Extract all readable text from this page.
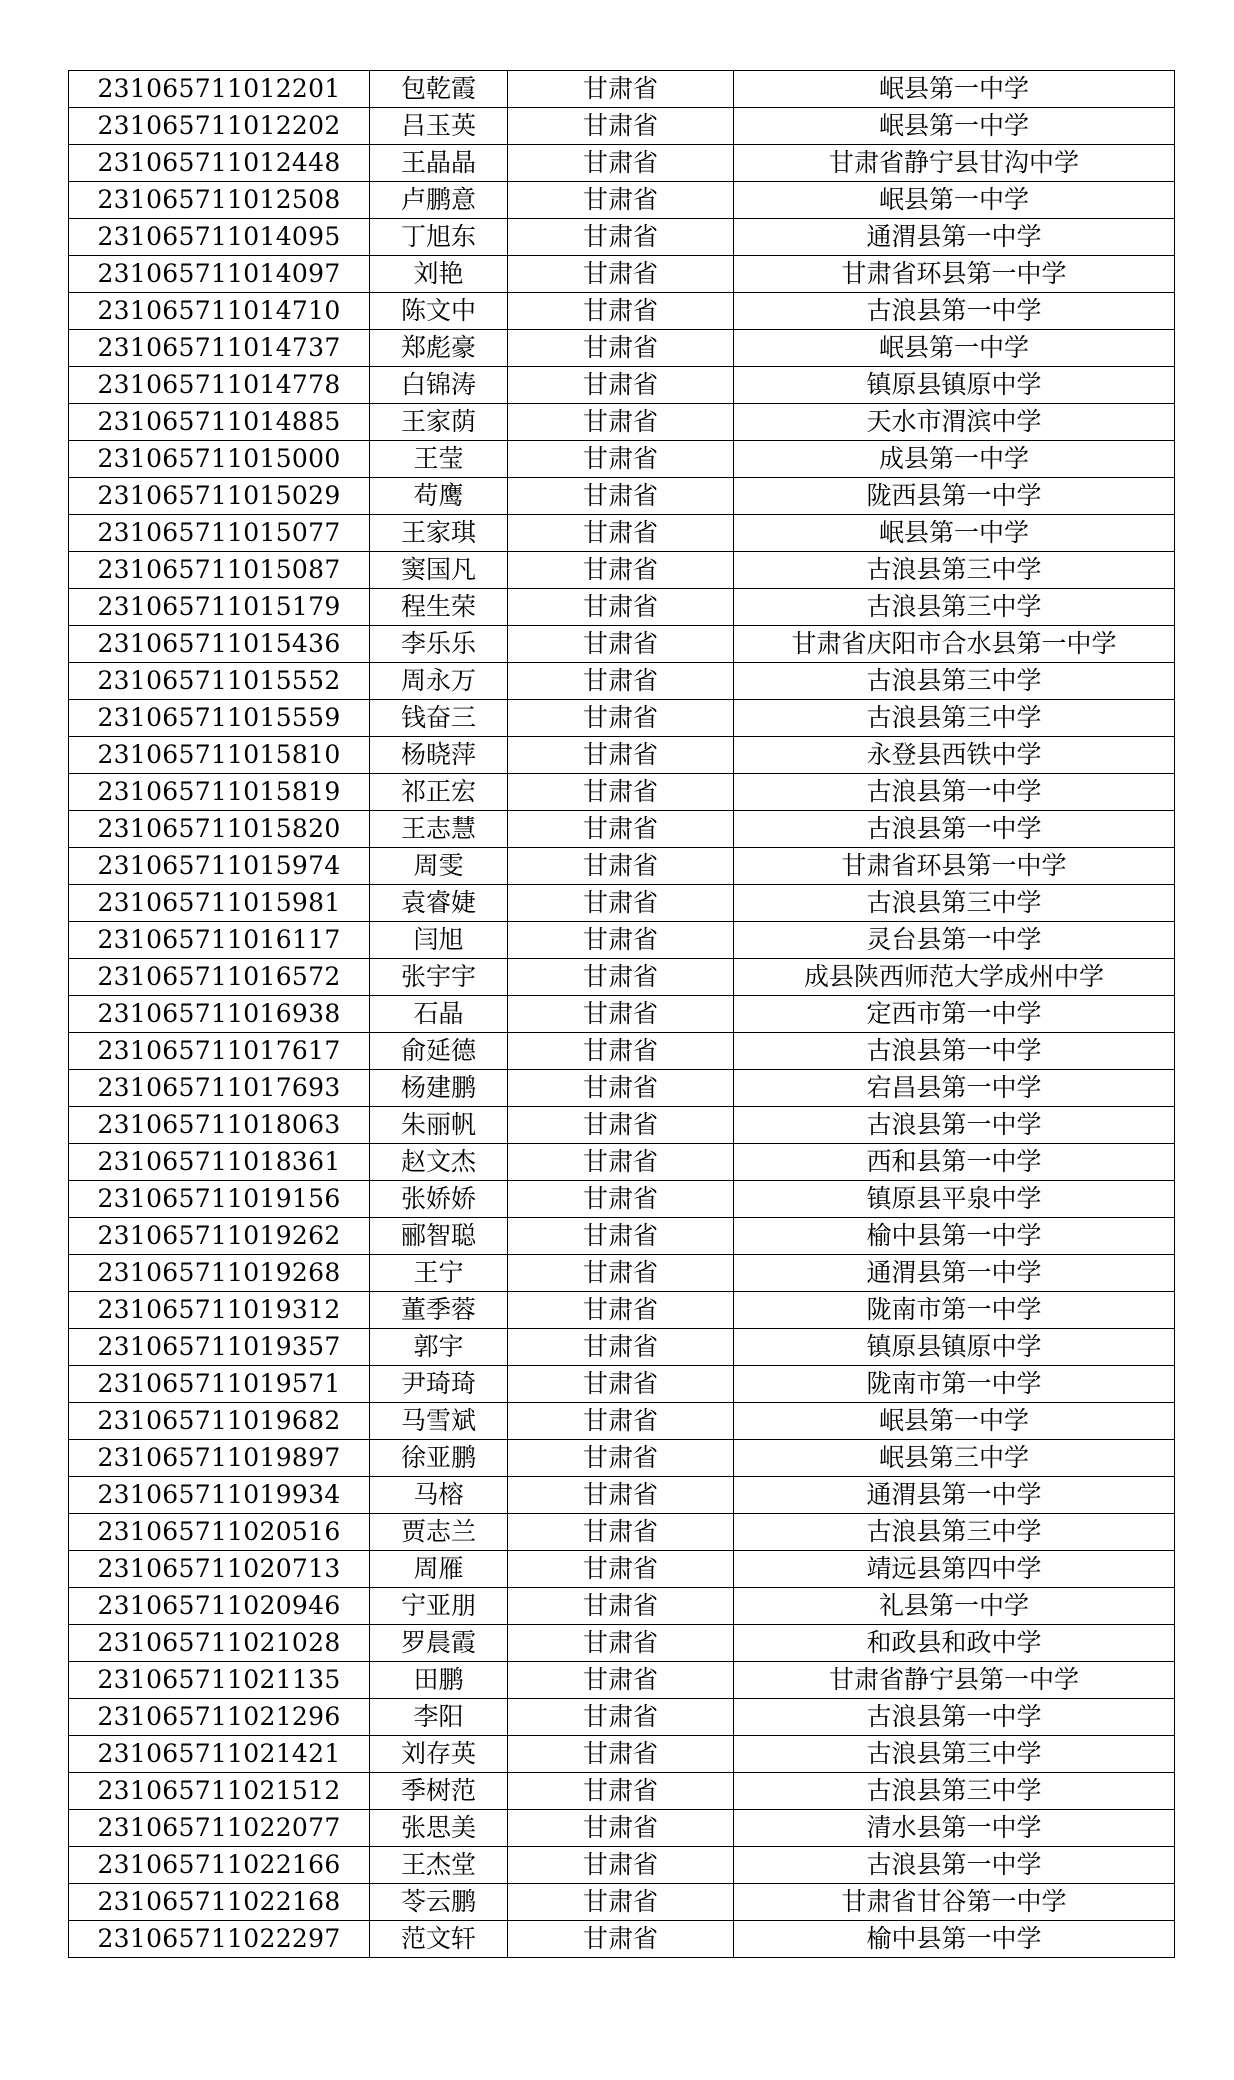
231065711012201	包乾霞	甘肃省	岷县第一中学
231065711012202	吕玉英	甘肃省	岷县第一中学
231065711012448	王晶晶	甘肃省	甘肃省静宁县甘沟中学
231065711012508	卢鹏意	甘肃省	岷县第一中学
231065711014095	丁旭东	甘肃省	通渭县第一中学
231065711014097	刘艳	甘肃省	甘肃省环县第一中学
231065711014710	陈文中	甘肃省	古浪县第一中学
231065711014737	郑彪豪	甘肃省	岷县第一中学
231065711014778	白锦涛	甘肃省	镇原县镇原中学
231065711014885	王家荫	甘肃省	天水市渭滨中学
231065711015000	王莹	甘肃省	成县第一中学
231065711015029	苟鹰	甘肃省	陇西县第一中学
231065711015077	王家琪	甘肃省	岷县第一中学
231065711015087	窦国凡	甘肃省	古浪县第三中学
231065711015179	程生荣	甘肃省	古浪县第三中学
231065711015436	李乐乐	甘肃省	甘肃省庆阳市合水县第一中学
231065711015552	周永万	甘肃省	古浪县第三中学
231065711015559	钱奋三	甘肃省	古浪县第三中学
231065711015810	杨晓萍	甘肃省	永登县西铁中学
231065711015819	祁正宏	甘肃省	古浪县第一中学
231065711015820	王志慧	甘肃省	古浪县第一中学
231065711015974	周雯	甘肃省	甘肃省环县第一中学
231065711015981	袁睿婕	甘肃省	古浪县第三中学
231065711016117	闫旭	甘肃省	灵台县第一中学
231065711016572	张宇宇	甘肃省	成县陕西师范大学成州中学
231065711016938	石晶	甘肃省	定西市第一中学
231065711017617	俞延德	甘肃省	古浪县第一中学
231065711017693	杨建鹏	甘肃省	宕昌县第一中学
231065711018063	朱丽帆	甘肃省	古浪县第一中学
231065711018361	赵文杰	甘肃省	西和县第一中学
231065711019156	张娇娇	甘肃省	镇原县平泉中学
231065711019262	郦智聪	甘肃省	榆中县第一中学
231065711019268	王宁	甘肃省	通渭县第一中学
231065711019312	董季蓉	甘肃省	陇南市第一中学
231065711019357	郭宇	甘肃省	镇原县镇原中学
231065711019571	尹琦琦	甘肃省	陇南市第一中学
231065711019682	马雪斌	甘肃省	岷县第一中学
231065711019897	徐亚鹏	甘肃省	岷县第三中学
231065711019934	马榕	甘肃省	通渭县第一中学
231065711020516	贾志兰	甘肃省	古浪县第三中学
231065711020713	周雁	甘肃省	靖远县第四中学
231065711020946	宁亚朋	甘肃省	礼县第一中学
231065711021028	罗晨霞	甘肃省	和政县和政中学
231065711021135	田鹏	甘肃省	甘肃省静宁县第一中学
231065711021296	李阳	甘肃省	古浪县第一中学
231065711021421	刘存英	甘肃省	古浪县第三中学
231065711021512	季树范	甘肃省	古浪县第三中学
231065711022077	张思美	甘肃省	清水县第一中学
231065711022166	王杰堂	甘肃省	古浪县第一中学
231065711022168	苓云鹏	甘肃省	甘肃省甘谷第一中学
231065711022297	范文轩	甘肃省	榆中县第一中学
